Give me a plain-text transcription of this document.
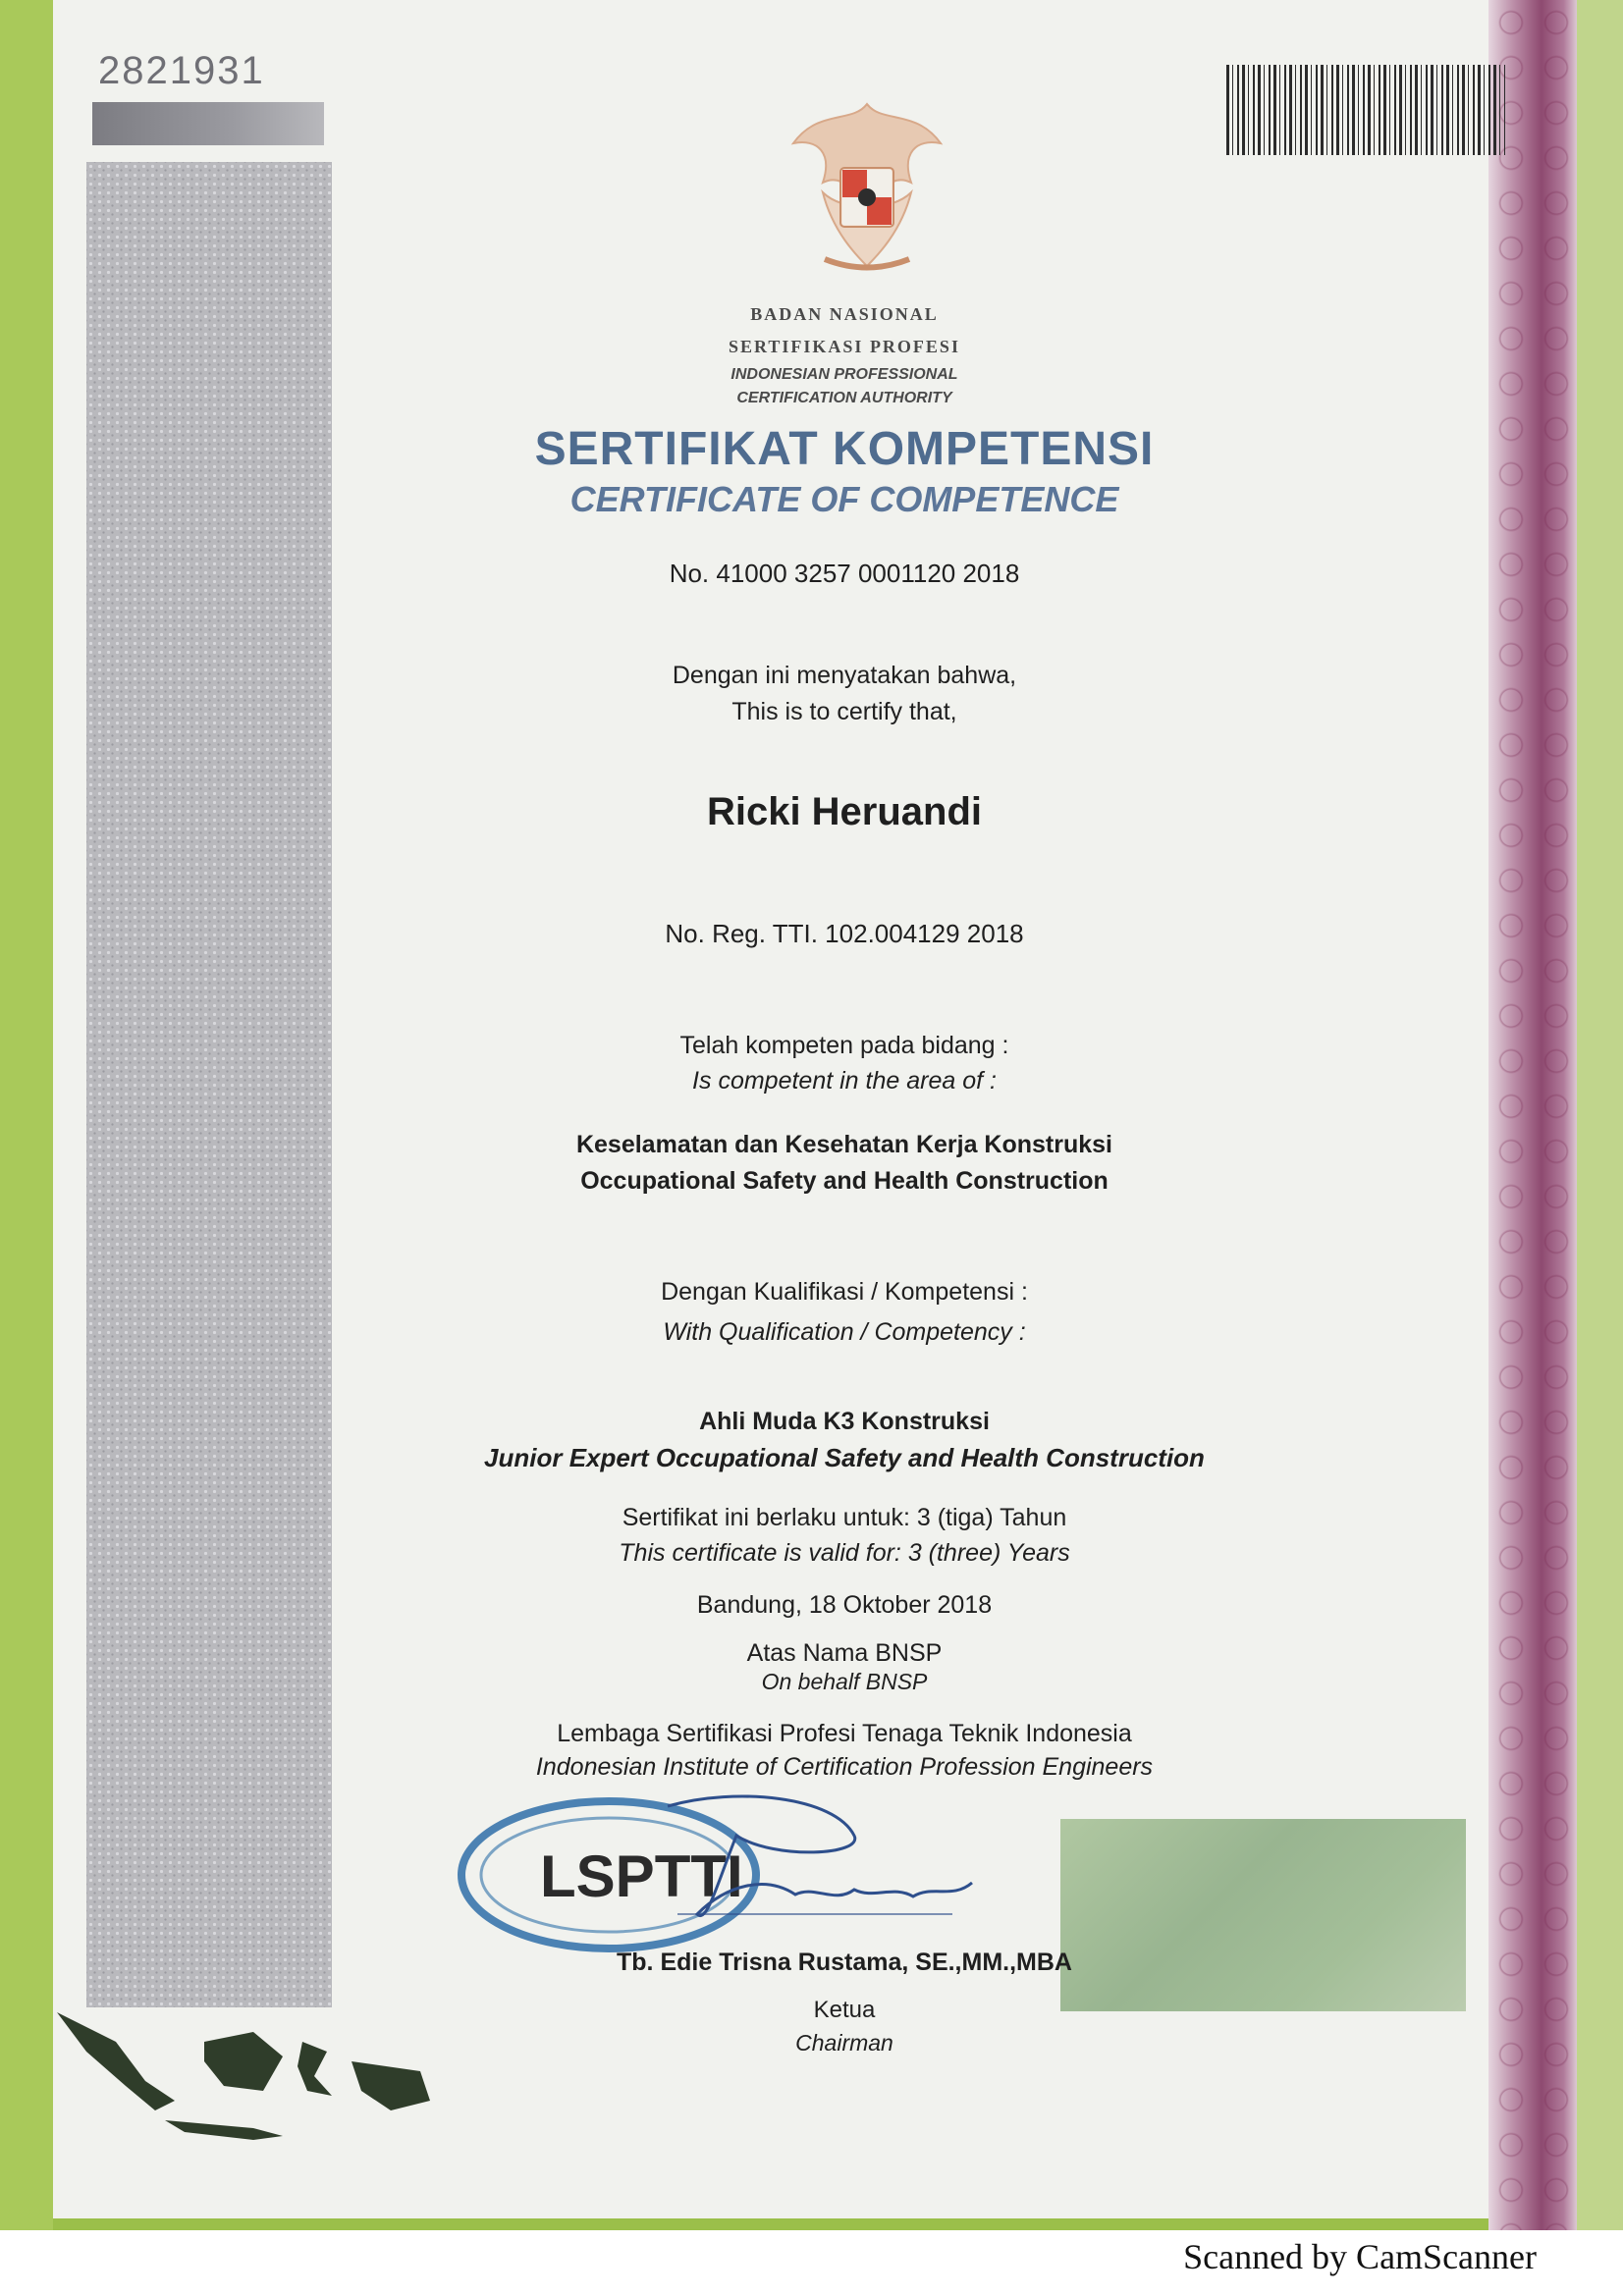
2821931
BADAN NASIONAL
SERTIFIKASI PROFESI
INDONESIAN PROFESSIONAL
CERTIFICATION AUTHORITY
SERTIFIKAT KOMPETENSI
CERTIFICATE OF COMPETENCE
No. 41000 3257 0001120 2018
Dengan ini menyatakan bahwa,
This is to certify that,
Ricki Heruandi
No. Reg. TTI. 102.004129 2018
Telah kompeten pada bidang :
Is competent in the area of :
Keselamatan dan Kesehatan Kerja Konstruksi
Occupational Safety and Health Construction
Dengan Kualifikasi / Kompetensi :
With Qualification / Competency :
Ahli Muda K3 Konstruksi
Junior Expert Occupational Safety and Health Construction
Sertifikat ini berlaku untuk: 3 (tiga) Tahun
This certificate is valid for: 3 (three) Years
Bandung, 18 Oktober 2018
Atas Nama BNSP
On behalf BNSP
Lembaga Sertifikasi Profesi Tenaga Teknik Indonesia
Indonesian Institute of Certification Profession Engineers
LSPTTI
Tb. Edie Trisna Rustama, SE.,MM.,MBA
Ketua
Chairman
Scanned by CamScanner
